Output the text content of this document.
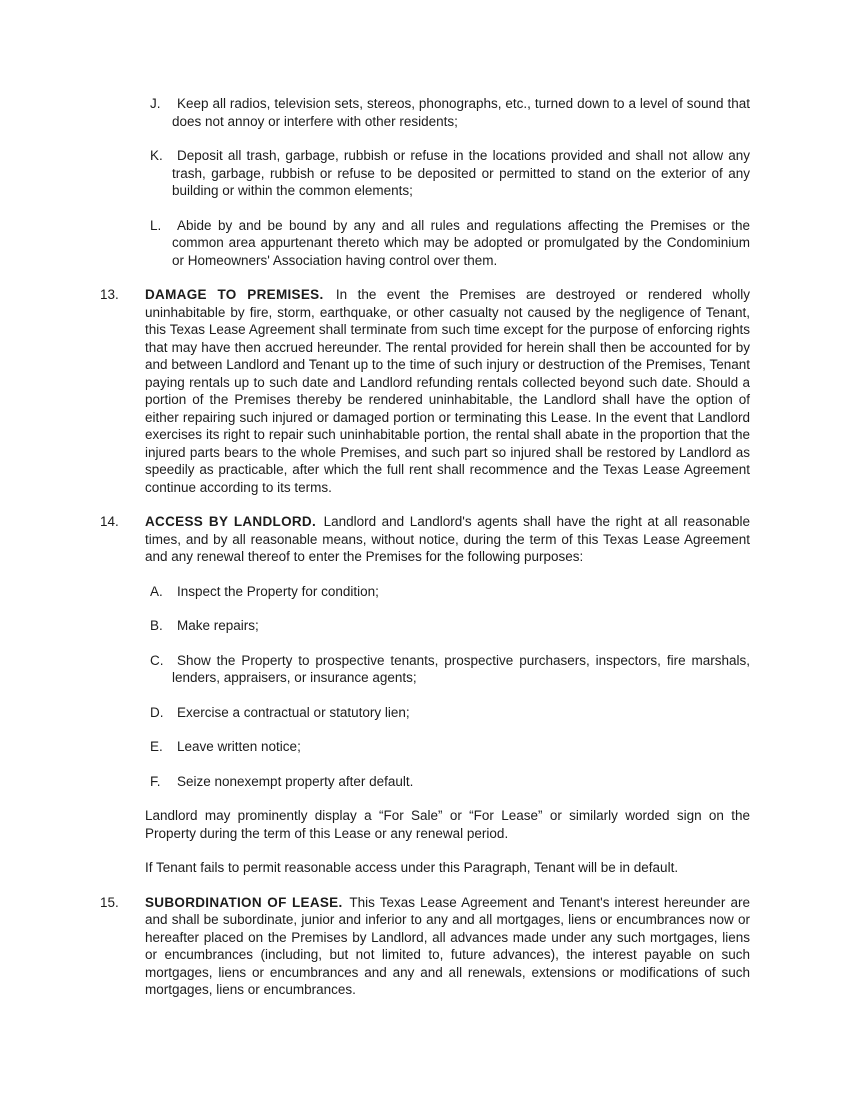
J.	Keep all radios, television sets, stereos, phonographs, etc., turned down to a level of sound that does not annoy or interfere with other residents;

K.	Deposit all trash, garbage, rubbish or refuse in the locations provided and shall not allow any trash, garbage, rubbish or refuse to be deposited or permitted to stand on the exterior of any building or within the common elements;

L.	Abide by and be bound by any and all rules and regulations affecting the Premises or the common area appurtenant thereto which may be adopted or promulgated by the Condominium or Homeowners' Association having control over them.

13.	DAMAGE TO PREMISES. In the event the Premises are destroyed or rendered wholly uninhabitable by fire, storm, earthquake, or other casualty not caused by the negligence of Tenant, this Texas Lease Agreement shall terminate from such time except for the purpose of enforcing rights that may have then accrued hereunder. The rental provided for herein shall then be accounted for by and between Landlord and Tenant up to the time of such injury or destruction of the Premises, Tenant paying rentals up to such date and Landlord refunding rentals collected beyond such date. Should a portion of the Premises thereby be rendered uninhabitable, the Landlord shall have the option of either repairing such injured or damaged portion or terminating this Lease. In the event that Landlord exercises its right to repair such uninhabitable portion, the rental shall abate in the proportion that the injured parts bears to the whole Premises, and such part so injured shall be restored by Landlord as speedily as practicable, after which the full rent shall recommence and the Texas Lease Agreement continue according to its terms.

14.	ACCESS BY LANDLORD. Landlord and Landlord's agents shall have the right at all reasonable times, and by all reasonable means, without notice, during the term of this Texas Lease Agreement and any renewal thereof to enter the Premises for the following purposes:

A.	Inspect the Property for condition;

B.	Make repairs;

C.	Show the Property to prospective tenants, prospective purchasers, inspectors, fire marshals, lenders, appraisers, or insurance agents;

D.	Exercise a contractual or statutory lien;

E.	Leave written notice;

F.	Seize nonexempt property after default.

Landlord may prominently display a “For Sale” or “For Lease” or similarly worded sign on the Property during the term of this Lease or any renewal period.

If Tenant fails to permit reasonable access under this Paragraph, Tenant will be in default.

15.	SUBORDINATION OF LEASE. This Texas Lease Agreement and Tenant's interest hereunder are and shall be subordinate, junior and inferior to any and all mortgages, liens or encumbrances now or hereafter placed on the Premises by Landlord, all advances made under any such mortgages, liens or encumbrances (including, but not limited to, future advances), the interest payable on such mortgages, liens or encumbrances and any and all renewals, extensions or modifications of such mortgages, liens or encumbrances.
